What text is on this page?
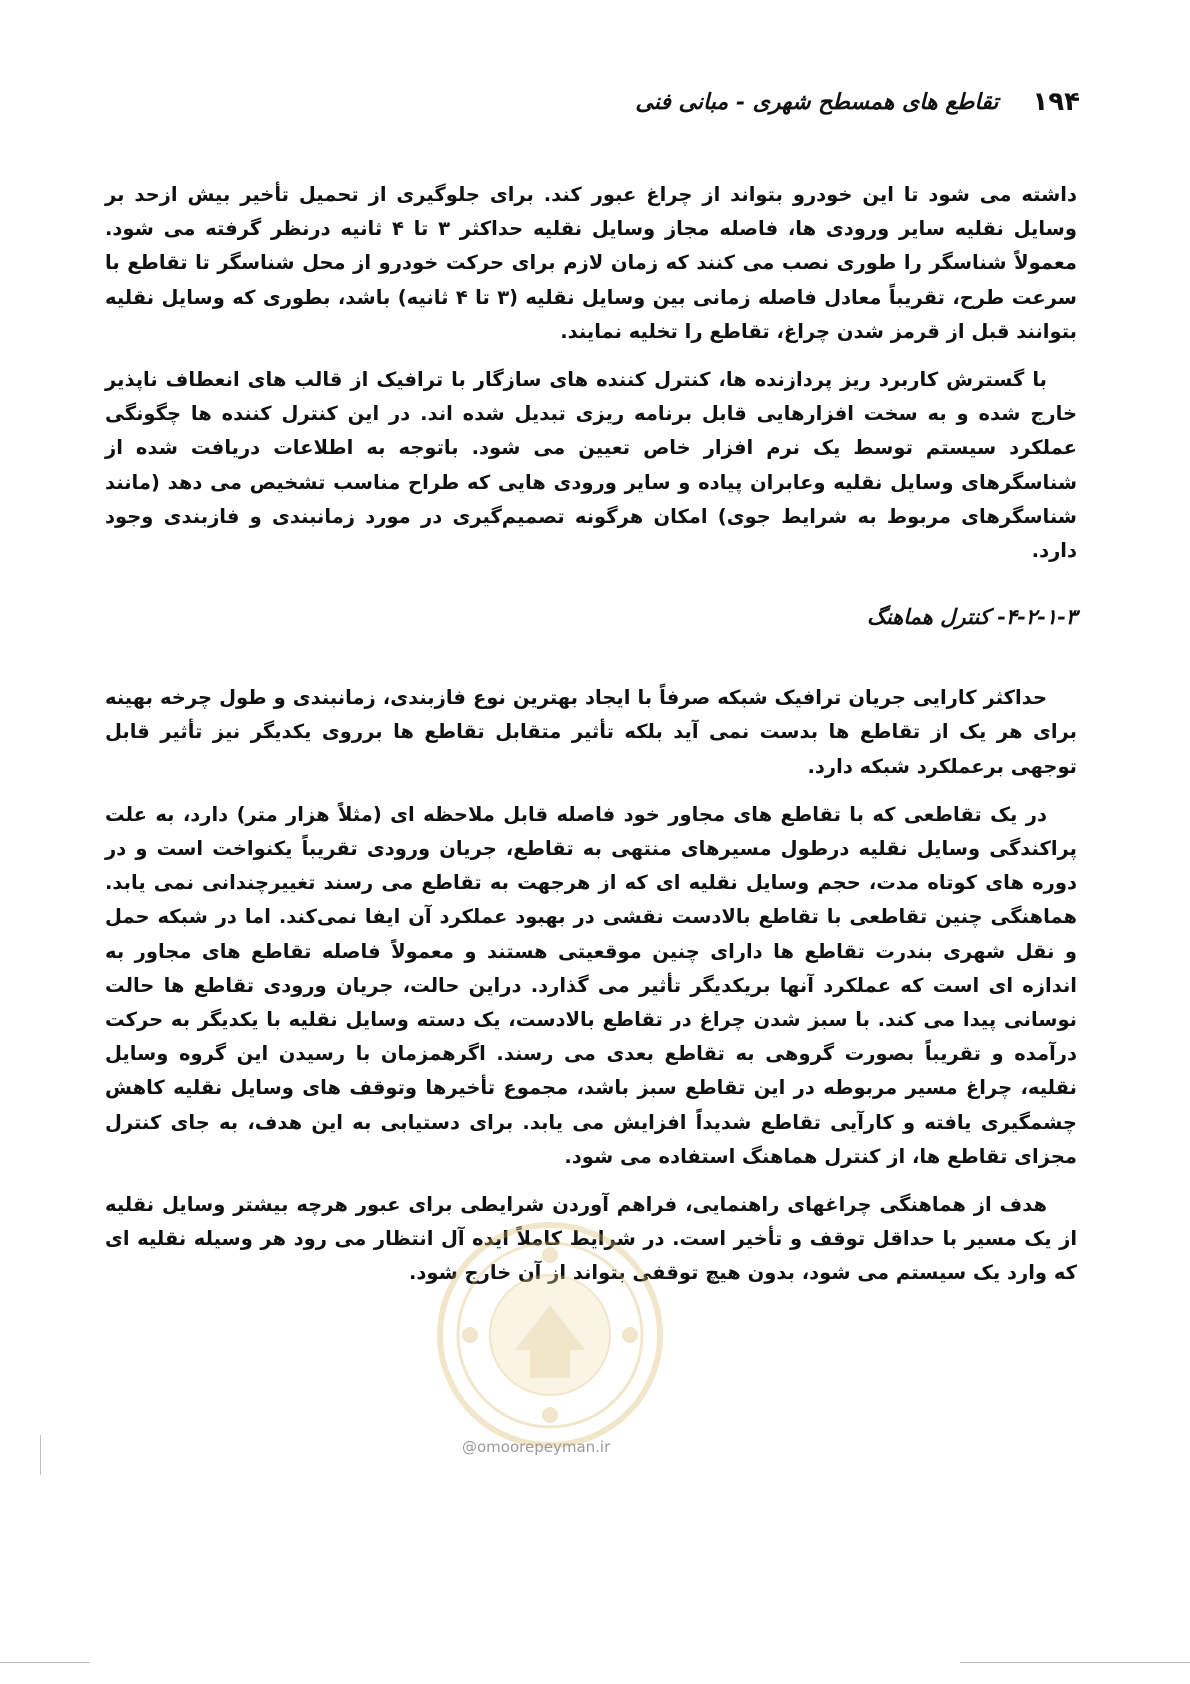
۱۹۴
تقاطع های همسطح شهری - مبانی فنی

داشته می شود تا این خودرو بتواند از چراغ عبور کند. برای جلوگیری از تحمیل تأخیر بیش ازحد بر وسایل نقلیه سایر ورودی ها، فاصله مجاز وسایل نقلیه حداکثر ۳ تا ۴ ثانیه درنظر گرفته می شود. معمولاً شناسگر را طوری نصب می کنند که زمان لازم برای حرکت خودرو از محل شناسگر تا تقاطع با سرعت طرح، تقریباً معادل فاصله زمانی بین وسایل نقلیه (۳ تا ۴ ثانیه) باشد، بطوری که وسایل نقلیه بتوانند قبل از قرمز شدن چراغ، تقاطع را تخلیه نمایند.

با گسترش کاربرد ریز پردازنده ها، کنترل کننده های سازگار با ترافیک از قالب های انعطاف ناپذیر خارج شده و به سخت افزارهایی قابل برنامه ریزی تبدیل شده اند. در این کنترل کننده ها چگونگی عملکرد سیستم توسط یک نرم افزار خاص تعیین می شود. باتوجه به اطلاعات دریافت شده از شناسگرهای وسایل نقلیه وعابران پیاده و سایر ورودی هایی که طراح مناسب تشخیص می دهد (مانند شناسگرهای مربوط به شرایط جوی) امکان هرگونه تصمیم‌گیری در مورد زمانبندی و فازبندی وجود دارد.

۴-۲-۱-۳- کنترل هماهنگ

حداکثر کارایی جریان ترافیک شبکه صرفاً با ایجاد بهترین نوع فازبندی، زمانبندی و طول چرخه بهینه برای هر یک از تقاطع ها بدست نمی آید بلکه تأثیر متقابل تقاطع ها برروی یکدیگر نیز تأثیر قابل توجهی برعملکرد شبکه دارد.

در یک تقاطعی که با تقاطع های مجاور خود فاصله قابل ملاحظه ای (مثلاً هزار متر) دارد، به علت پراکندگی وسایل نقلیه درطول مسیرهای منتهی به تقاطع، جریان ورودی تقریباً یکنواخت است و در دوره های کوتاه مدت، حجم وسایل نقلیه ای که از هرجهت به تقاطع می رسند تغییرچندانی نمی یابد. هماهنگی چنین تقاطعی با تقاطع بالادست نقشی در بهبود عملکرد آن ایفا نمی‌کند. اما در شبکه حمل و نقل شهری بندرت تقاطع ها دارای چنین موقعیتی هستند و معمولاً فاصله تقاطع های مجاور به اندازه ای است که عملکرد آنها بریکدیگر تأثیر می گذارد. دراین حالت، جریان ورودی تقاطع ها حالت نوسانی پیدا می کند. با سبز شدن چراغ در تقاطع بالادست، یک دسته وسایل نقلیه با یکدیگر به حرکت درآمده و تقریباً بصورت گروهی به تقاطع بعدی می رسند. اگرهمزمان با رسیدن این گروه وسایل نقلیه، چراغ مسیر مربوطه در این تقاطع سبز باشد، مجموع تأخیرها وتوقف های وسایل نقلیه کاهش چشمگیری یافته و کارآیی تقاطع شدیداً افزایش می یابد. برای دستیابی به این هدف، به جای کنترل مجزای تقاطع ها، از کنترل هماهنگ استفاده می شود.

هدف از هماهنگی چراغهای راهنمایی، فراهم آوردن شرایطی برای عبور هرچه بیشتر وسایل نقلیه از یک مسیر با حداقل توقف و تأخیر است. در شرایط کاملاً ایده آل انتظار می رود هر وسیله نقلیه ای که وارد یک سیستم می شود، بدون هیچ توقفی بتواند از آن خارج شود.

@omoorepeyman.ir
